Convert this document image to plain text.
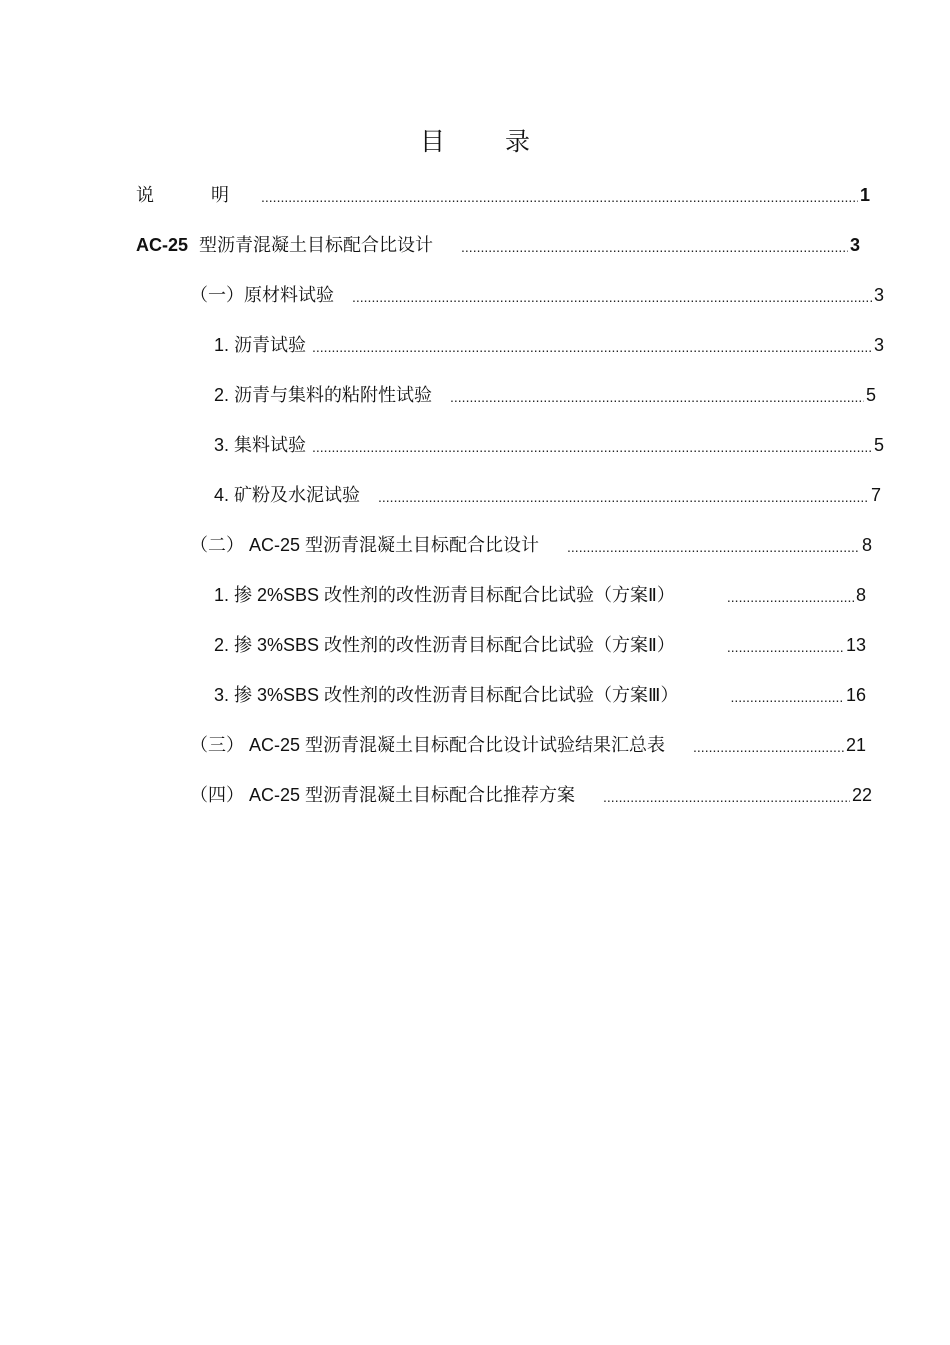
目 录
说 明 .....	1
AC-25 型沥青混凝土目标配合比设计 .....	3
（一）原材料试验 .....	3
1. 沥青试验 .....	3
2. 沥青与集料的粘附性试验 .....	5
3. 集料试验 .....	5
4. 矿粉及水泥试验 .....	7
（二） AC-25 型沥青混凝土目标配合比设计 .....	8
1. 掺 2%SBS 改性剂的改性沥青目标配合比试验（方案Ⅱ） .....	8
2. 掺 3%SBS 改性剂的改性沥青目标配合比试验（方案Ⅱ） .....	13
3. 掺 3%SBS 改性剂的改性沥青目标配合比试验（方案Ⅲ） .....	16
（三） AC-25 型沥青混凝土目标配合比设计试验结果汇总表 .....	21
（四） AC-25 型沥青混凝土目标配合比推荐方案 .....	22
